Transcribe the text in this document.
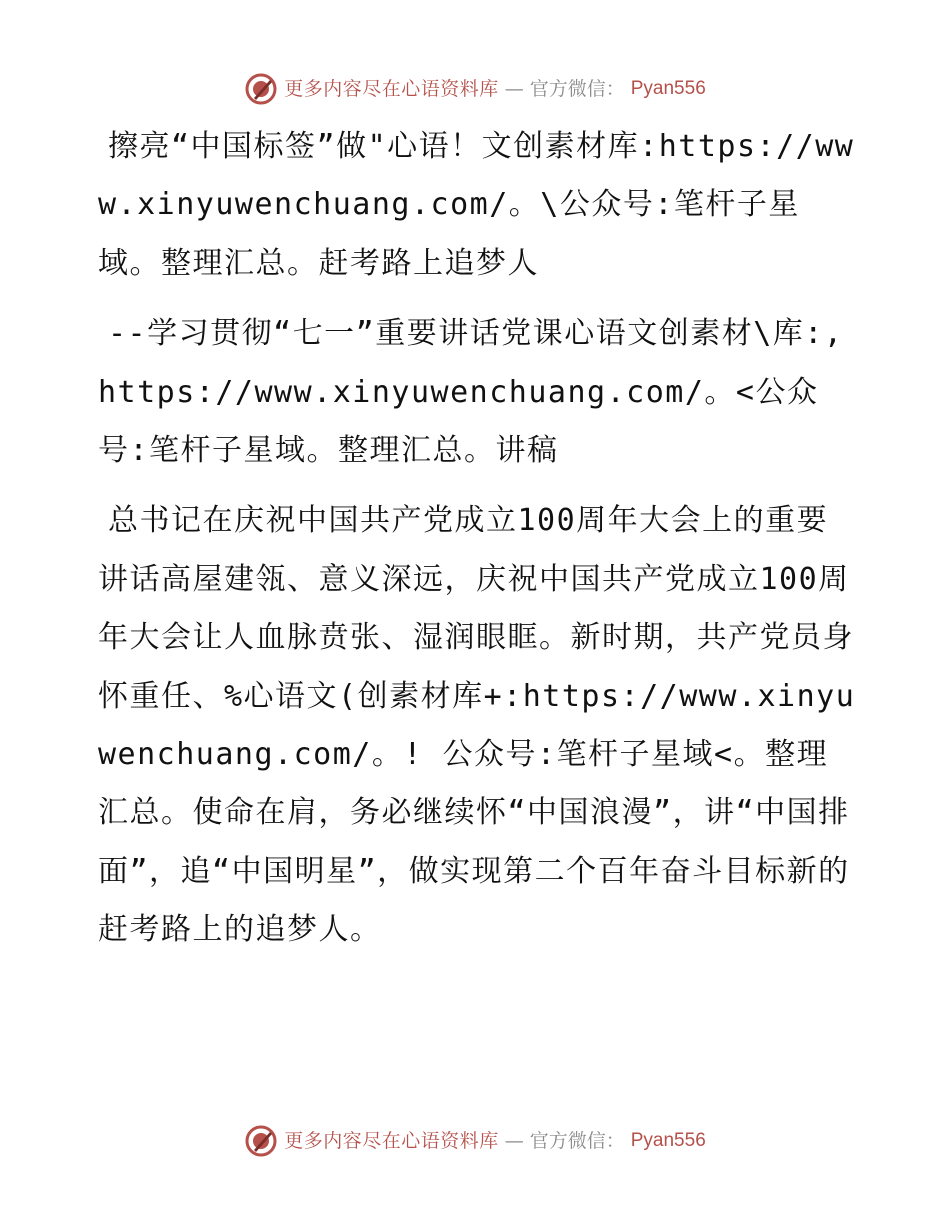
更多内容尽在心语资料库 — 官方微信： Pyan556

擦亮“中国标签”做"心语！文创素材库:https://www.xinyuwenchuang.com/。\公众号:笔杆子星域。整理汇总。赶考路上追梦人

--学习贯彻“七一”重要讲话党课心语文创素材\库:,https://www.xinyuwenchuang.com/。<公众号:笔杆子星域。整理汇总。讲稿

总书记在庆祝中国共产党成立100周年大会上的重要讲话高屋建瓴、意义深远，庆祝中国共产党成立100周年大会让人血脉贲张、湿润眼眶。新时期，共产党员身怀重任、%心语文(创素材库+:https://www.xinyuwenchuang.com/。! 公众号:笔杆子星域<。整理汇总。使命在肩，务必继续怀“中国浪漫”，讲“中国排面”，追“中国明星”，做实现第二个百年奋斗目标新的赶考路上的追梦人。

更多内容尽在心语资料库 — 官方微信： Pyan556
